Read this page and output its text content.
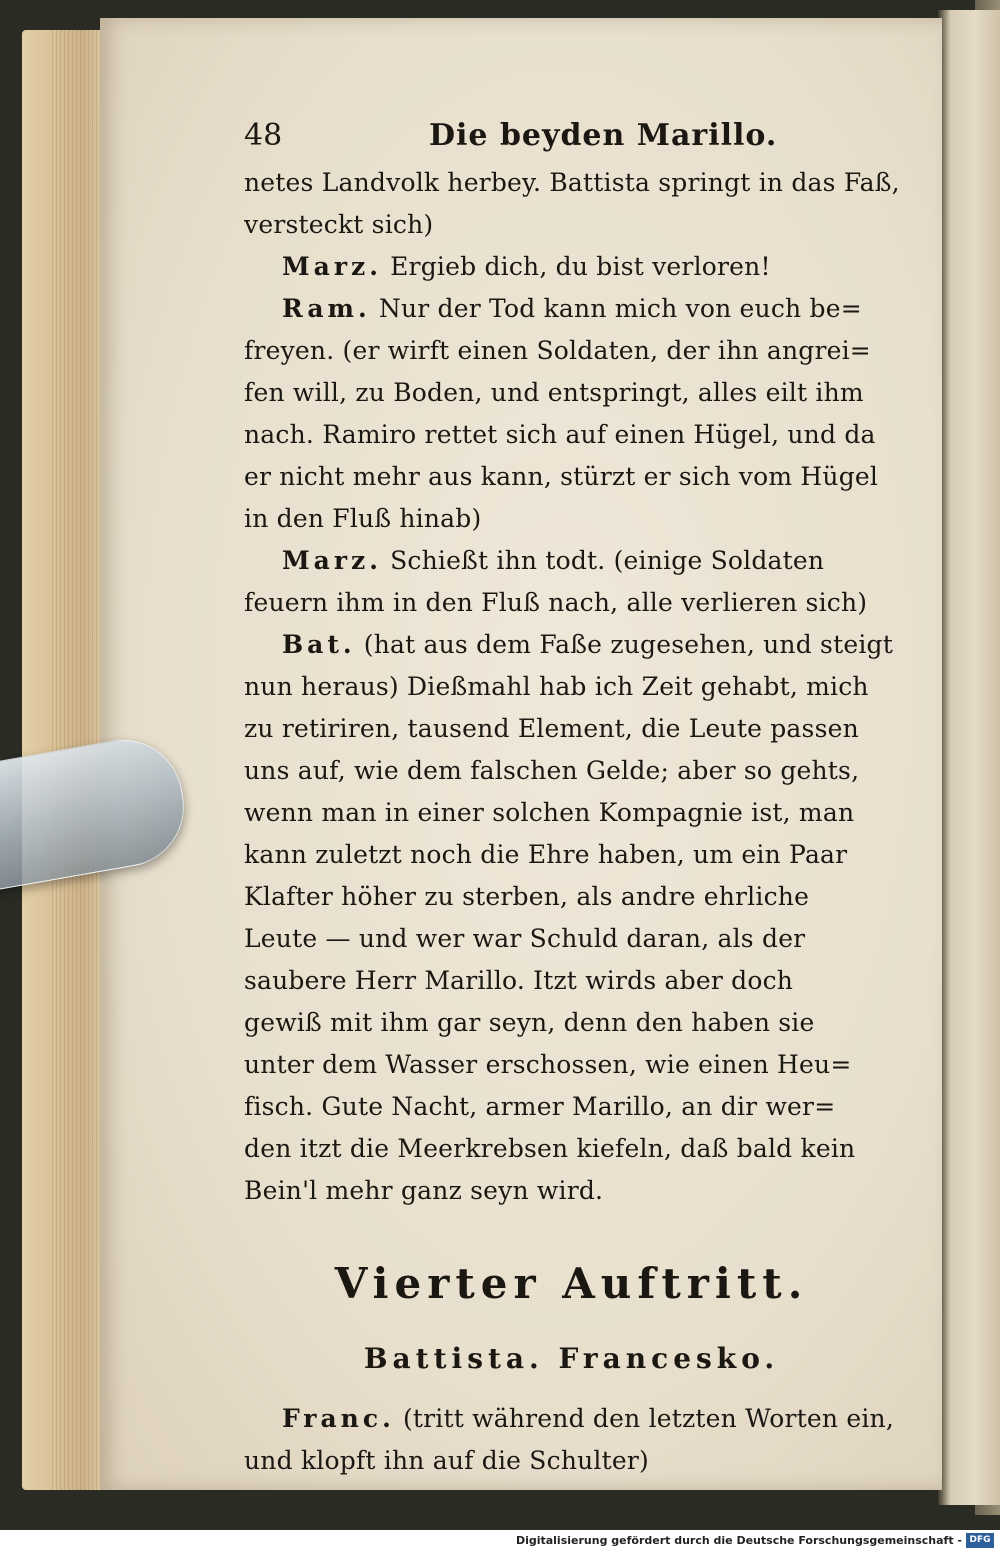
48	Die beyden Marillo.
netes Landvolk herbey. Battista springt in das Faß,
versteckt sich)
Marz. Ergieb dich, du bist verloren!
Ram. Nur der Tod kann mich von euch be=
freyen. (er wirft einen Soldaten, der ihn angrei=
fen will, zu Boden, und entspringt, alles eilt ihm
nach. Ramiro rettet sich auf einen Hügel, und da
er nicht mehr aus kann, stürzt er sich vom Hügel
in den Fluß hinab)
Marz. Schießt ihn todt. (einige Soldaten
feuern ihm in den Fluß nach, alle verlieren sich)
Bat. (hat aus dem Faße zugesehen, und steigt
nun heraus) Dießmahl hab ich Zeit gehabt, mich
zu retiriren, tausend Element, die Leute passen
uns auf, wie dem falschen Gelde; aber so gehts,
wenn man in einer solchen Kompagnie ist, man
kann zuletzt noch die Ehre haben, um ein Paar
Klafter höher zu sterben, als andre ehrliche
Leute — und wer war Schuld daran, als der
saubere Herr Marillo. Itzt wirds aber doch
gewiß mit ihm gar seyn, denn den haben sie
unter dem Wasser erschossen, wie einen Heu=
fisch. Gute Nacht, armer Marillo, an dir wer=
den itzt die Meerkrebsen kiefeln, daß bald kein
Bein'l mehr ganz seyn wird.
Vierter Auftritt.
Battista. Francesko.
Franc. (tritt während den letzten Worten ein,
und klopft ihn auf die Schulter)
Digitalisierung gefördert durch die Deutsche Forschungsgemeinschaft - DFG
